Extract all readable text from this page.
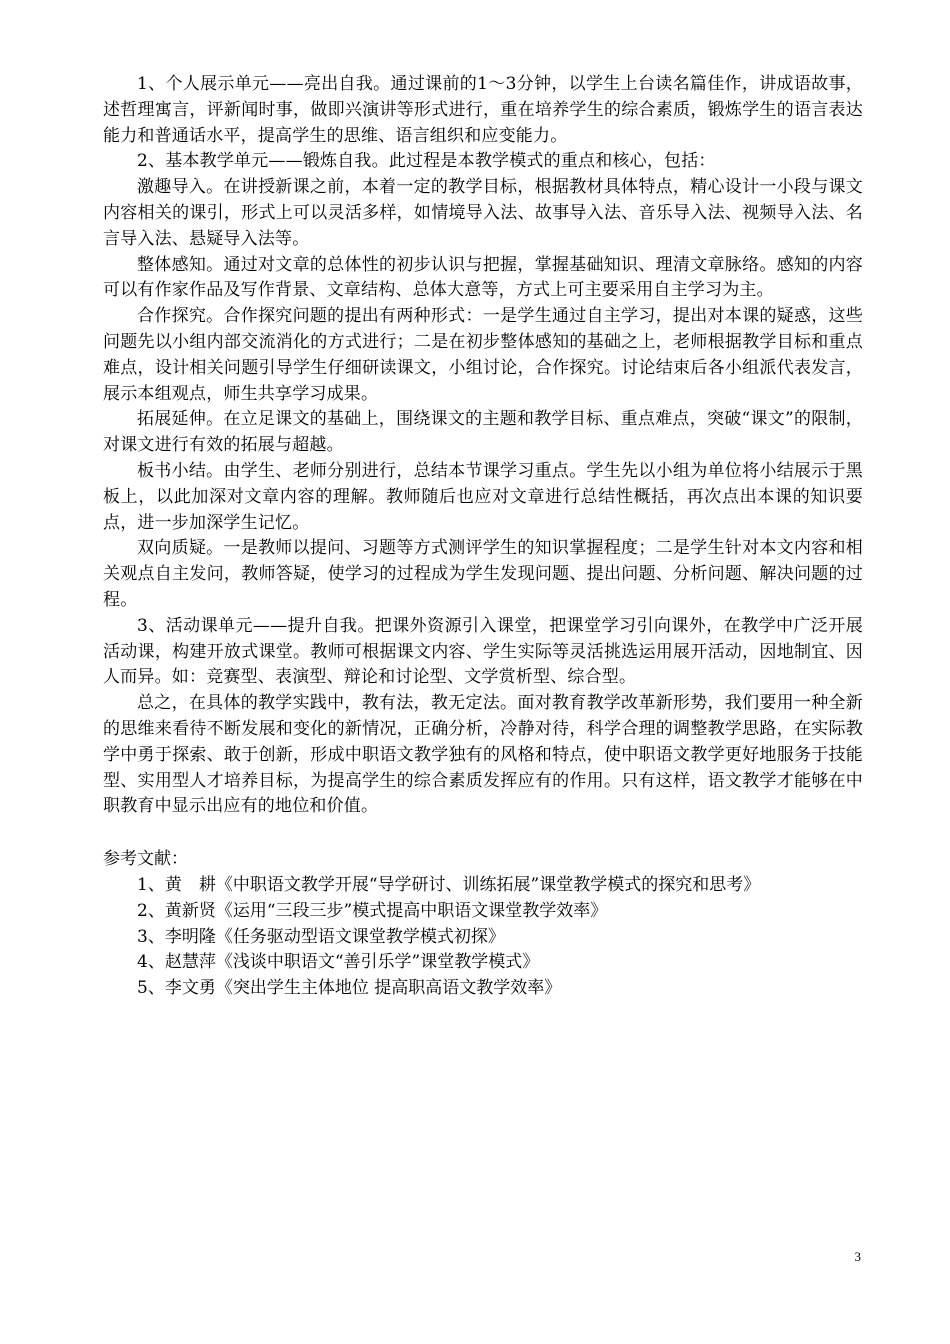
1、个人展示单元——亮出自我。通过课前的1～3分钟，以学生上台读名篇佳作，讲成语故事，述哲理寓言，评新闻时事，做即兴演讲等形式进行，重在培养学生的综合素质，锻炼学生的语言表达能力和普通话水平，提高学生的思维、语言组织和应变能力。

2、基本教学单元——锻炼自我。此过程是本教学模式的重点和核心，包括：

激趣导入。在讲授新课之前，本着一定的教学目标，根据教材具体特点，精心设计一小段与课文内容相关的课引，形式上可以灵活多样，如情境导入法、故事导入法、音乐导入法、视频导入法、名言导入法、悬疑导入法等。

整体感知。通过对文章的总体性的初步认识与把握，掌握基础知识、理清文章脉络。感知的内容可以有作家作品及写作背景、文章结构、总体大意等，方式上可主要采用自主学习为主。

合作探究。合作探究问题的提出有两种形式：一是学生通过自主学习，提出对本课的疑惑，这些问题先以小组内部交流消化的方式进行；二是在初步整体感知的基础之上，老师根据教学目标和重点难点，设计相关问题引导学生仔细研读课文，小组讨论，合作探究。讨论结束后各小组派代表发言，展示本组观点，师生共享学习成果。

拓展延伸。在立足课文的基础上，围绕课文的主题和教学目标、重点难点，突破“课文”的限制，对课文进行有效的拓展与超越。

板书小结。由学生、老师分别进行，总结本节课学习重点。学生先以小组为单位将小结展示于黑板上，以此加深对文章内容的理解。教师随后也应对文章进行总结性概括，再次点出本课的知识要点，进一步加深学生记忆。

双向质疑。一是教师以提问、习题等方式测评学生的知识掌握程度；二是学生针对本文内容和相关观点自主发问，教师答疑，使学习的过程成为学生发现问题、提出问题、分析问题、解决问题的过程。

3、活动课单元——提升自我。把课外资源引入课堂，把课堂学习引向课外，在教学中广泛开展活动课，构建开放式课堂。教师可根据课文内容、学生实际等灵活挑选运用展开活动，因地制宜、因人而异。如：竞赛型、表演型、辩论和讨论型、文学赏析型、综合型。

总之，在具体的教学实践中，教有法，教无定法。面对教育教学改革新形势，我们要用一种全新的思维来看待不断发展和变化的新情况，正确分析，冷静对待，科学合理的调整教学思路，在实际教学中勇于探索、敢于创新，形成中职语文教学独有的风格和特点，使中职语文教学更好地服务于技能型、实用型人才培养目标，为提高学生的综合素质发挥应有的作用。只有这样，语文教学才能够在中职教育中显示出应有的地位和价值。

参考文献：

1、黄　耕《中职语文教学开展“导学研讨、训练拓展”课堂教学模式的探究和思考》

2、黄新贤《运用“三段三步”模式提高中职语文课堂教学效率》

3、李明隆《任务驱动型语文课堂教学模式初探》

4、赵慧萍《浅谈中职语文“善引乐学”课堂教学模式》

5、李文勇《突出学生主体地位 提高职高语文教学效率》

3
